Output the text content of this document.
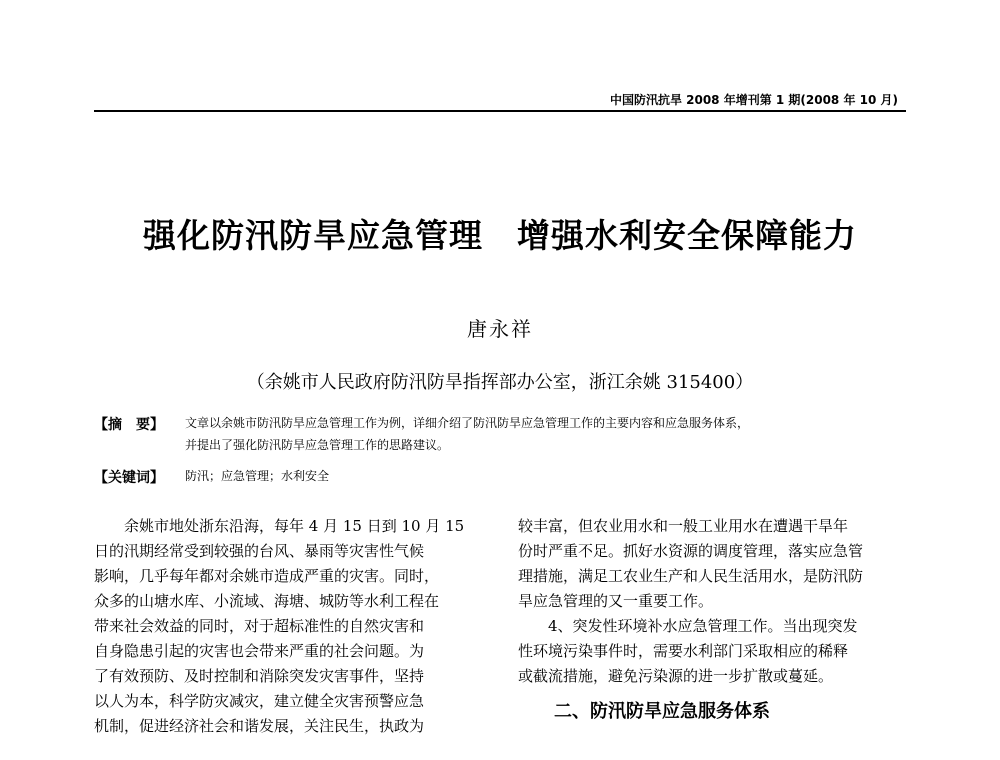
中国防汛抗旱 2008 年增刊第 1 期(2008 年 10 月)
强化防汛防旱应急管理　增强水利安全保障能力
唐永祥
（余姚市人民政府防汛防旱指挥部办公室，浙江余姚 315400）
【摘　要】 文章以余姚市防汛防旱应急管理工作为例，详细介绍了防汛防旱应急管理工作的主要内容和应急服务体系，
并提出了强化防汛防旱应急管理工作的思路建议。
【关键词】 防汛；应急管理；水利安全

余姚市地处浙东沿海，每年 4 月 15 日到 10 月 15

日的汛期经常受到较强的台风、暴雨等灾害性气候

影响，几乎每年都对余姚市造成严重的灾害。同时，

众多的山塘水库、小流域、海塘、城防等水利工程在

带来社会效益的同时，对于超标准性的自然灾害和

自身隐患引起的灾害也会带来严重的社会问题。为

了有效预防、及时控制和消除突发灾害事件，坚持

以人为本，科学防灾减灾，建立健全灾害预警应急

机制，促进经济社会和谐发展，关注民生，执政为

较丰富，但农业用水和一般工业用水在遭遇干旱年

份时严重不足。抓好水资源的调度管理，落实应急管

理措施，满足工农业生产和人民生活用水，是防汛防

旱应急管理的又一重要工作。

4、突发性环境补水应急管理工作。当出现突发

性环境污染事件时，需要水利部门采取相应的稀释

或截流措施，避免污染源的进一步扩散或蔓延。

二、防汛防旱应急服务体系
